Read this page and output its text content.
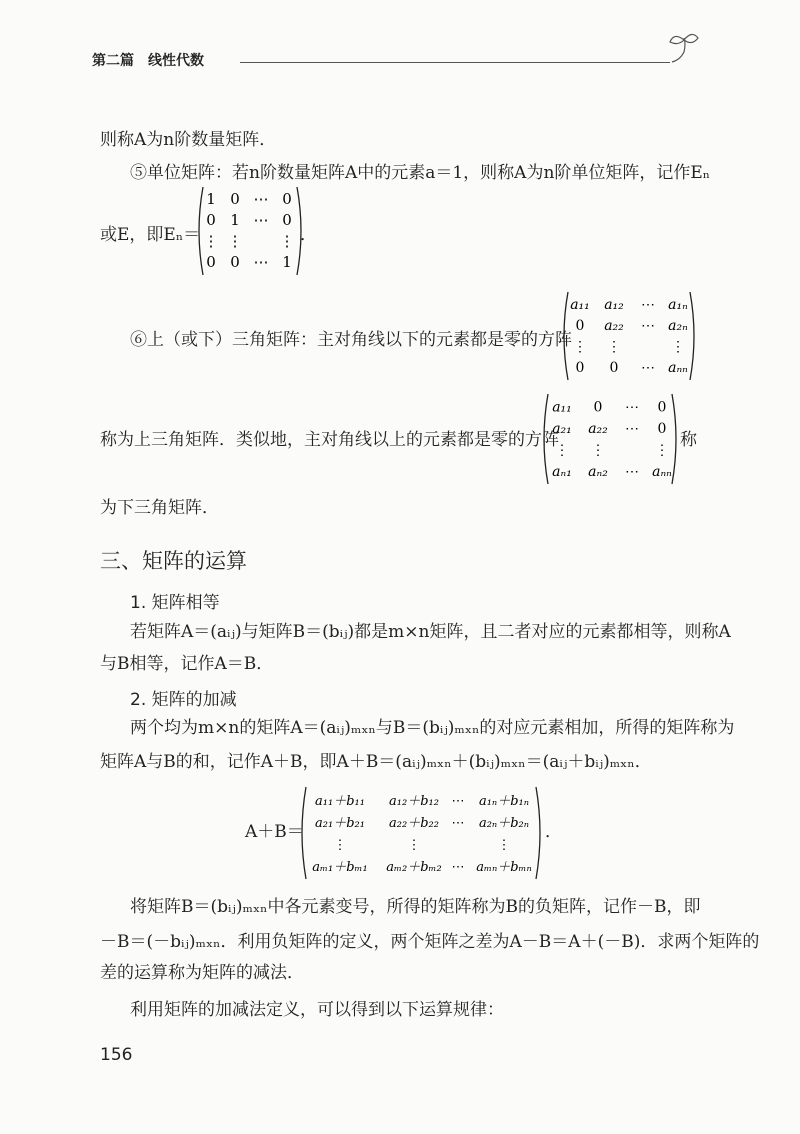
第二篇 线性代数
则称A为n阶数量矩阵．
⑤单位矩阵：若n阶数量矩阵A中的元素a＝1，则称A为n阶单位矩阵，记作Eₙ
或E，即Eₙ＝
1 0 ⋯ 0
0 1 ⋯ 0
⋮ ⋮ ⋮
0 0 ⋯ 1
．
⑥上（或下）三角矩阵：主对角线以下的元素都是零的方阵
a₁₁ a₁₂ ⋯ a₁ₙ
0 a₂₂ ⋯ a₂ₙ
⋮ ⋮	⋮
0 0 ⋯ aₙₙ
称为上三角矩阵．类似地，主对角线以上的元素都是零的方阵
a₁₁ 0 ⋯ 0
a₂₁ a₂₂ ⋯ 0
⋮ ⋮	⋮
aₙ₁ aₙ₂ ⋯ aₙₙ
称
为下三角矩阵．
三、矩阵的运算
1. 矩阵相等
若矩阵A＝(aᵢⱼ)与矩阵B＝(bᵢⱼ)都是m×n矩阵，且二者对应的元素都相等，则称A
与B相等，记作A＝B．
2. 矩阵的加减
两个均为m×n的矩阵A＝(aᵢⱼ)ₘₓₙ与B＝(bᵢⱼ)ₘₓₙ的对应元素相加，所得的矩阵称为
矩阵A与B的和，记作A＋B，即A＋B＝(aᵢⱼ)ₘₓₙ＋(bᵢⱼ)ₘₓₙ＝(aᵢⱼ＋bᵢⱼ)ₘₓₙ．
A＋B＝
a₁₁＋b₁₁ a₁₂＋b₁₂ ⋯ a₁ₙ＋b₁ₙ
a₂₁＋b₂₁ a₂₂＋b₂₂ ⋯ a₂ₙ＋b₂ₙ
⋮	⋮	⋮
aₘ₁＋bₘ₁ aₘ₂＋bₘ₂ ⋯ aₘₙ＋bₘₙ
．
将矩阵B＝(bᵢⱼ)ₘₓₙ中各元素变号，所得的矩阵称为B的负矩阵，记作－B，即
－B＝(－bᵢⱼ)ₘₓₙ．利用负矩阵的定义，两个矩阵之差为A－B＝A＋(－B)．求两个矩阵的
差的运算称为矩阵的减法．
利用矩阵的加减法定义，可以得到以下运算规律：
156
